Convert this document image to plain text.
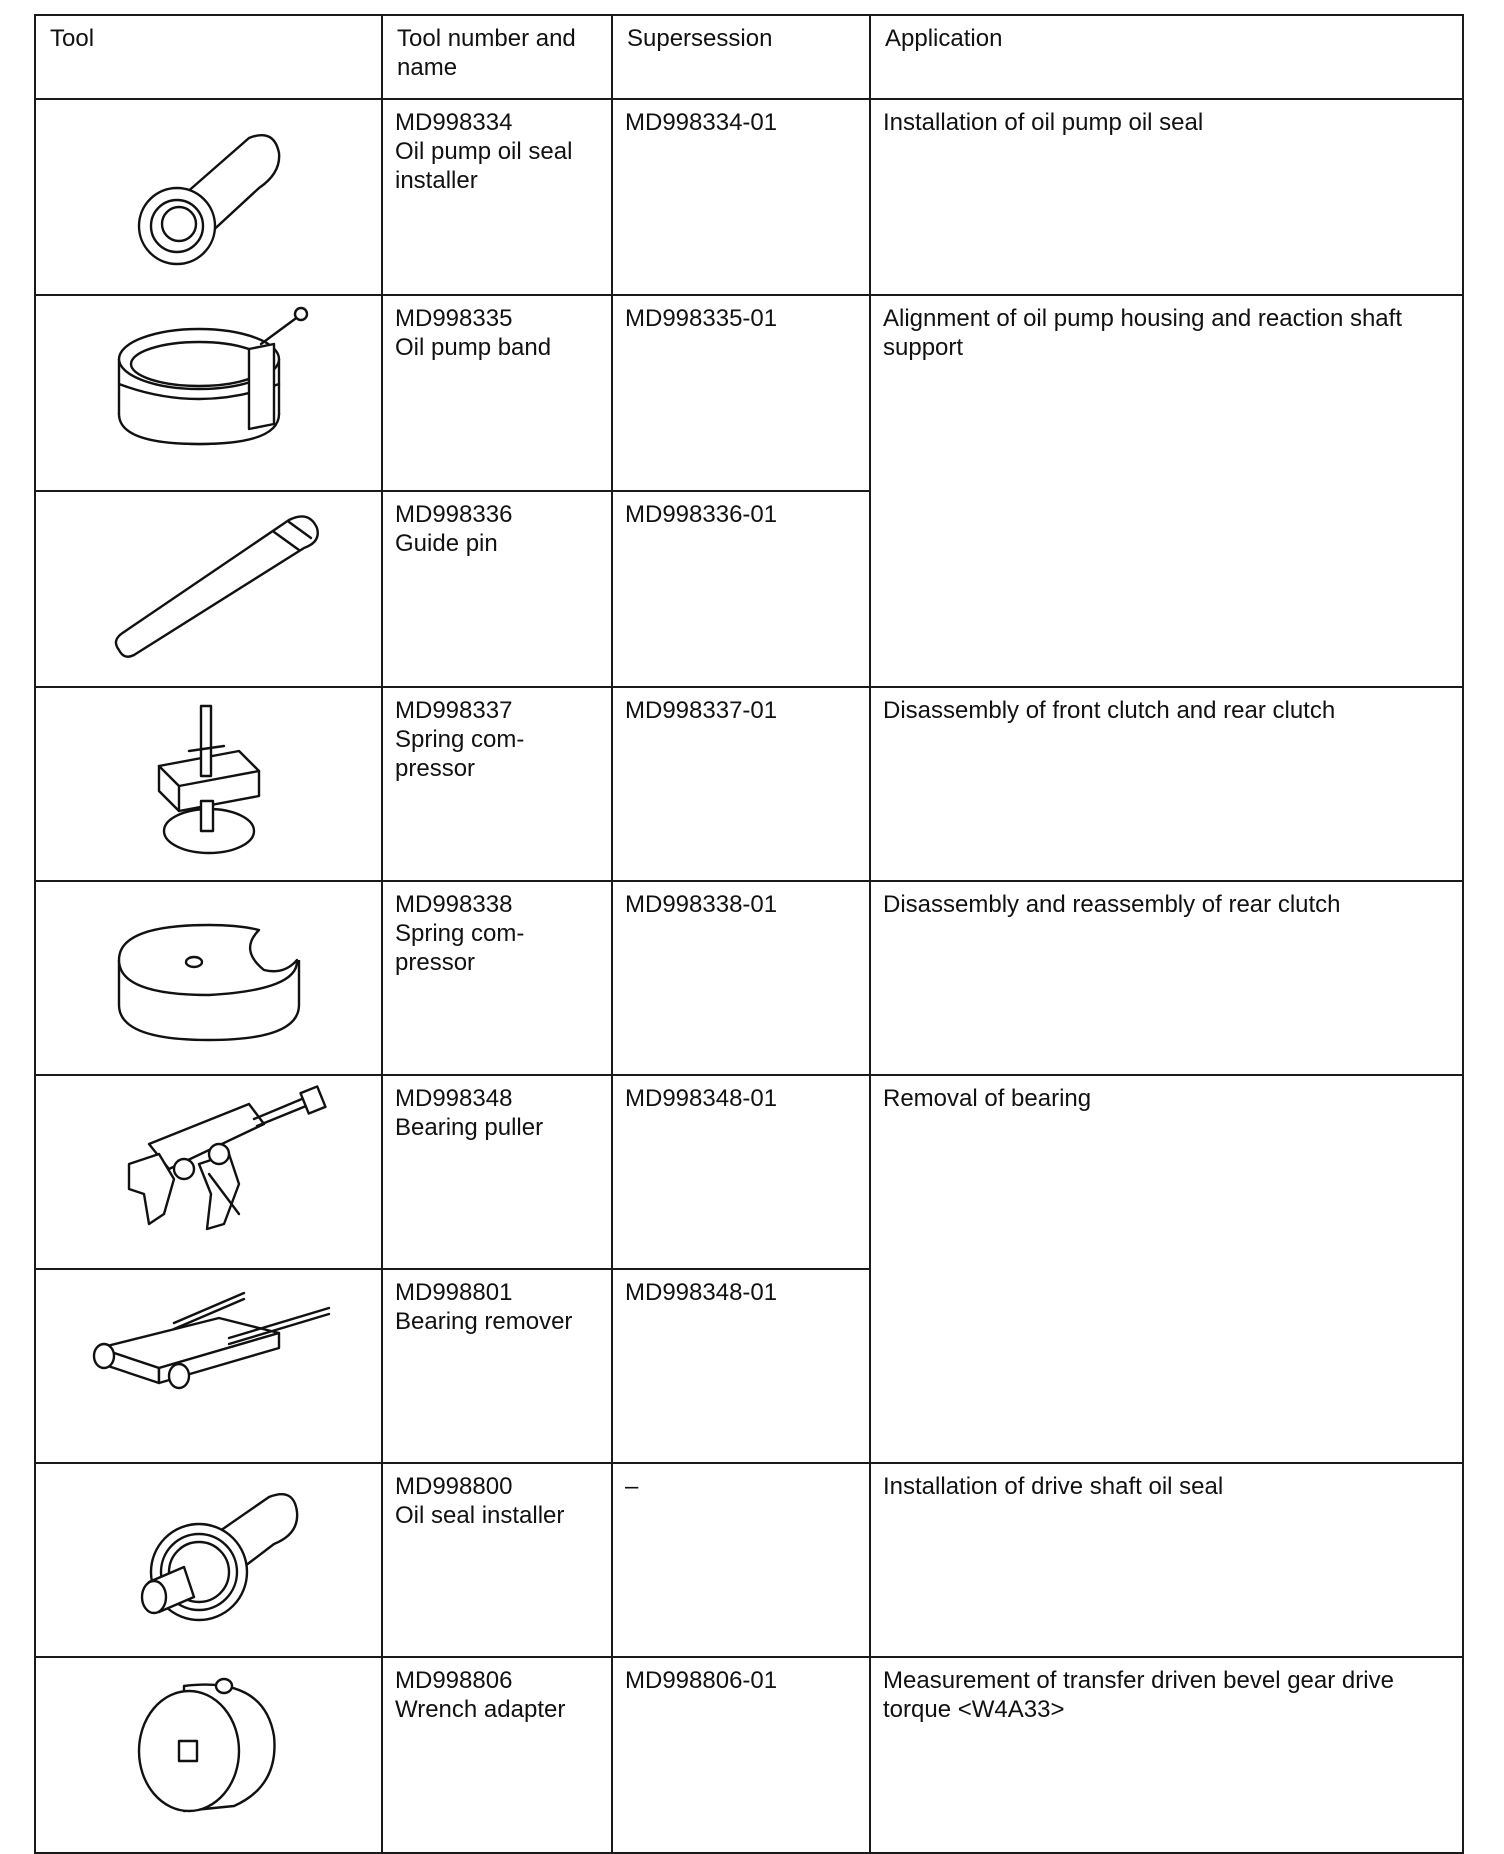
Tool	Tool number and name	Supersession	Application

MD998334
Oil pump oil seal installer	MD998334-01	Installation of oil pump oil seal

MD998335
Oil pump band	MD998335-01	Alignment of oil pump housing and reaction shaft support

MD998336
Guide pin	MD998336-01	

MD998337
Spring com-pressor	MD998337-01	Disassembly of front clutch and rear clutch

MD998338
Spring com-pressor	MD998338-01	Disassembly and reassembly of rear clutch

MD998348
Bearing puller	MD998348-01	Removal of bearing

MD998801
Bearing remover	MD998348-01	

MD998800
Oil seal installer	–	Installation of drive shaft oil seal

MD998806
Wrench adapter	MD998806-01	Measurement of transfer driven bevel gear drive torque <W4A33>
